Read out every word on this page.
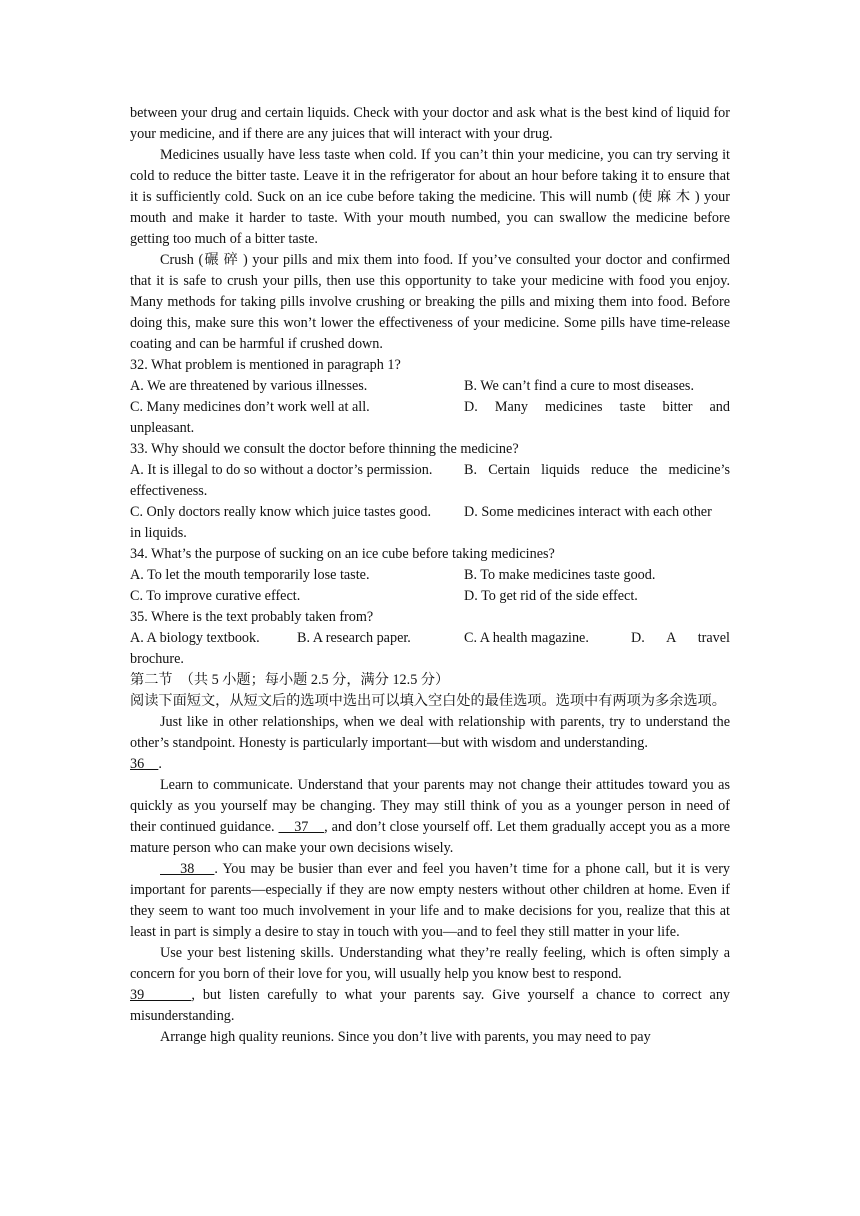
between your drug and certain liquids. Check with your doctor and ask what is the best kind of liquid for your medicine, and if there are any juices that will interact with your drug.

Medicines usually have less taste when cold. If you can’t thin your medicine, you can try serving it cold to reduce the bitter taste. Leave it in the refrigerator for about an hour before taking it to ensure that it is sufficiently cold. Suck on an ice cube before taking the medicine. This will numb (使麻木) your mouth and make it harder to taste. With your mouth numbed, you can swallow the medicine before getting too much of a bitter taste.

Crush (碾碎) your pills and mix them into food. If you’ve consulted your doctor and confirmed that it is safe to crush your pills, then use this opportunity to take your medicine with food you enjoy. Many methods for taking pills involve crushing or breaking the pills and mixing them into food. Before doing this, make sure this won’t lower the effectiveness of your medicine. Some pills have time-release coating and can be harmful if crushed down.

32. What problem is mentioned in paragraph 1?
A. We are threatened by various illnesses.	B. We can’t find a cure to most diseases.
C. Many medicines don’t work well at all.	D. Many medicines taste bitter and
unpleasant.
33. Why should we consult the doctor before thinning the medicine?
A. It is illegal to do so without a doctor’s permission.	B. Certain liquids reduce the medicine’s
effectiveness.
C. Only doctors really know which juice tastes good.	D. Some medicines interact with each other
in liquids.
34. What’s the purpose of sucking on an ice cube before taking medicines?
A. To let the mouth temporarily lose taste.	B. To make medicines taste good.
C. To improve curative effect.	D. To get rid of the side effect.
35. Where is the text probably taken from?
A. A biology textbook.	B. A research paper.	C. A health magazine.	D. A travel
brochure.
第二节　（共 5 小题；每小题 2.5 分，满分 12.5 分）

阅读下面短文，从短文后的选项中选出可以填入空白处的最佳选项。选项中有两项为多余选项。

Just like in other relationships, when we deal with relationship with parents, try to understand the other’s standpoint. Honesty is particularly important—but with wisdom and understanding.

36    .

Learn to communicate. Understand that your parents may not change their attitudes toward you as quickly as you yourself may be changing. They may still think of you as a younger person in need of their continued guidance.     37    , and don’t close yourself off. Let them gradually accept you as a more mature person who can make your own decisions wisely.

38    . You may be busier than ever and feel you haven’t time for a phone call, but it is very important for parents—especially if they are now empty nesters without other children at home. Even if they seem to want too much involvement in your life and to make decisions for you, realize that this at least in part is simply a desire to stay in touch with you—and to feel they still matter in your life.

Use your best listening skills. Understanding what they’re really feeling, which is often simply a concern for you born of their love for you, will usually help you know best to respond.

39      , but listen carefully to what your parents say. Give yourself a chance to correct any misunderstanding.

Arrange high quality reunions. Since you don’t live with parents, you may need to pay
